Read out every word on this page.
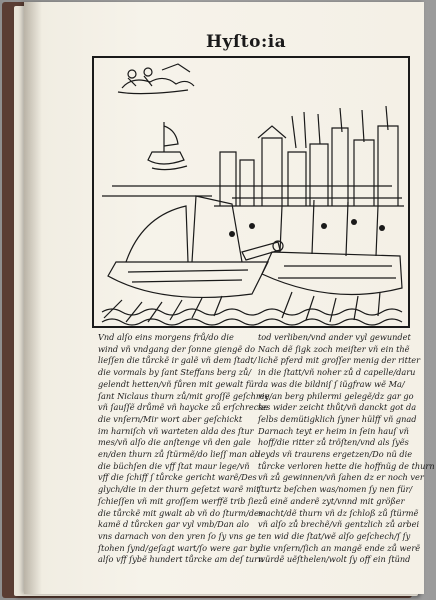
Hyſto:ia
Vnd alſo eins morgens frů/do die
wind vñ vndgang der ſonne giengẽ do
lieſſen die tůrckẽ ir galẽ vñ dem ſtadt/
die vormals by ſant Steffans berg zů/
gelendt hetten/vñ fůren mit gewalt für
ſant Niclaus thurn zů/mit groſſẽ geſchrey
vñ ſauſſẽ drůmẽ vñ haycke zů erſchrecke
die vnſern/Mir wort aber geſchickt
im harniſch vñ warteten alda des ſtur
mes/vñ alſo die anſtenge vñ den gale
en/den thurn zů ſtürmẽ/do lieſſ man ab
die büchſen die vff ſtat maur lege/vñ
vff die ſchiff ſ tůrcke gericht warẽ/Des
glych/die in der thurn geſetzt warẽ mit
ſchieſſen vñ mit groſſem werffẽ trib ſie
die tůrckẽ mit gwalt ab vñ do ſturm/des
kamẽ d tůrcken gar vyl vmb/Dan alo
vns darnach von den yren ſo ſy vns ge
ſtohen ſynd/geſagt wart/ſo were gar by
alſo vff ſybẽ hundert tůrcke am deſ turn
tod verliben/vnd ander vyl gewundet
Nach dẽ ſigk zoch meiſter vñ ein thẽ
lichẽ pferd mit groſſer menig der ritter
in die ſtatt/vñ noher zů d capelle/daru
da was die bildniſ ſ iũgfraw wẽ Ma/
rie/an berg philermi gelegẽ/dz gar go
tes wider zeicht thůt/vñ danckt got da
ſelbs demütigklich ſyner hülff vñ gnad
Darnach teyt er heim in ſein hauſ vñ
hoff/die ritter zů tröſten/vnd als ſyẽs
leyds vñ traurens ergetzen/Do nũ die
tůrcke verloren hette die hoffnũg de thurn
vñ zů gewinnen/vñ ſahen dz er noch ver
ſturtz beſchen was/nomen ſy nen für/
zů einẽ anderẽ zyt/vnnd mit größer
macht/dẽ thurn vñ dz ſchloß zů ſtürmẽ
vñ alſo zů brechẽ/vñ gentzlich zů arbei
ten wid die ſtat/wẽ alſo geſchech/ſ ſy
die vnſern/ſich an mangẽ ende zů werẽ
würdẽ uẽſthelen/wolt ſy off ein ſtünd
